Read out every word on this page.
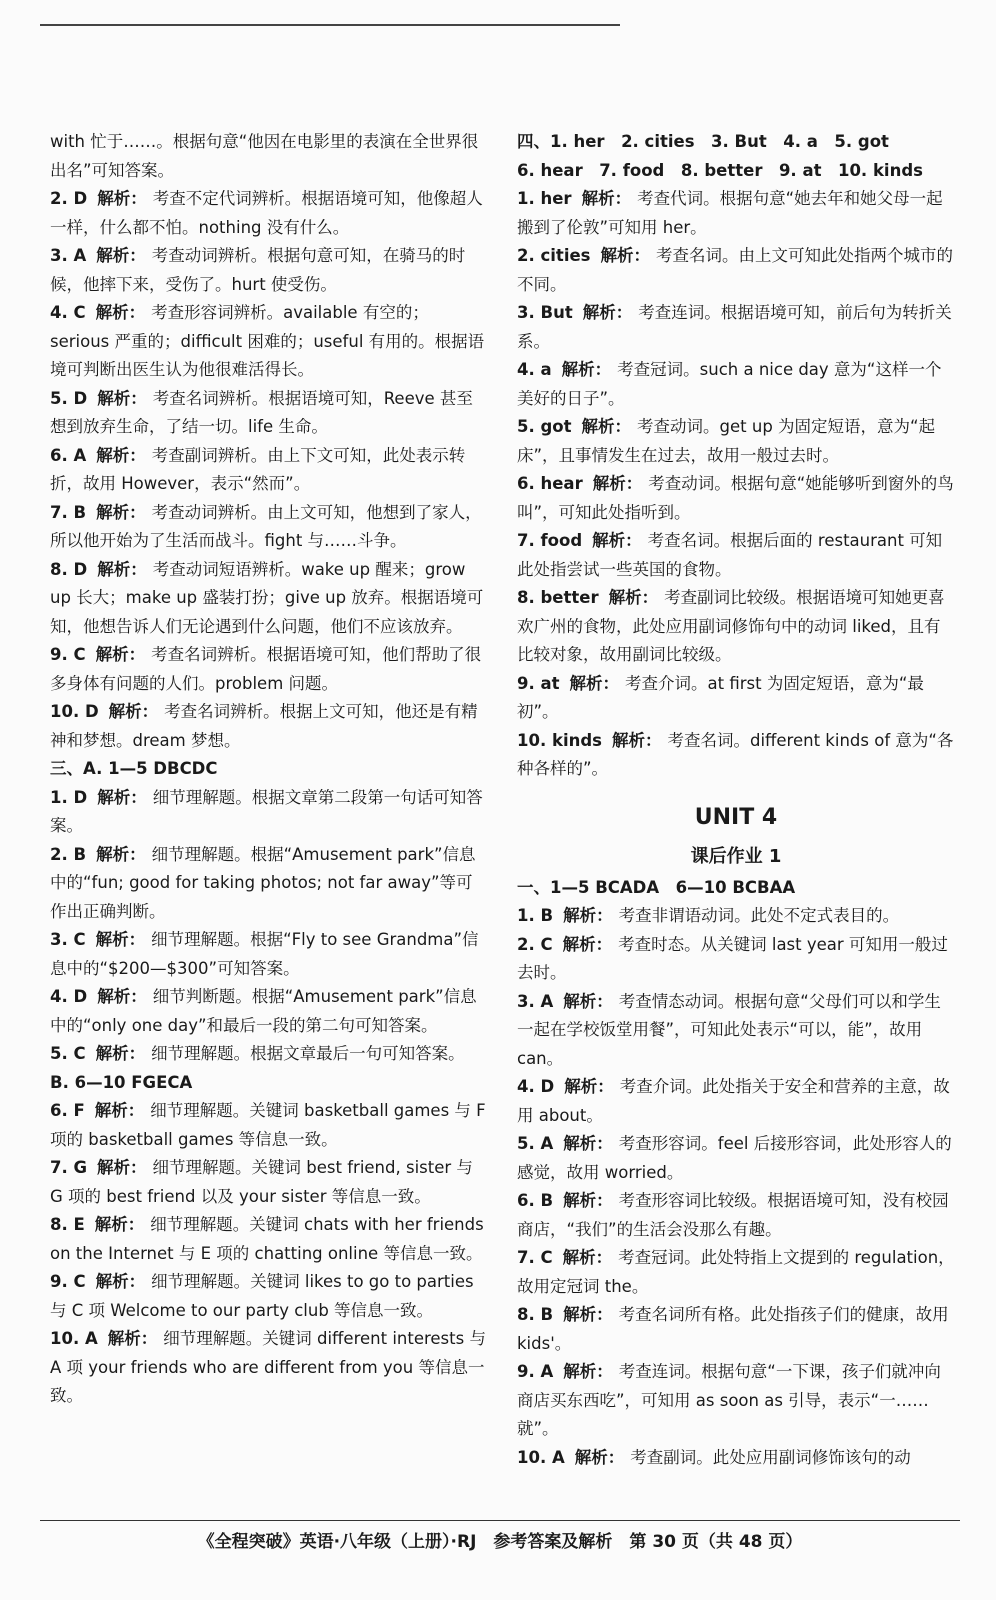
with 忙于……。根据句意“他因在电影里的表演在全世界很出名”可知答案。
2. D 解析： 考查不定代词辨析。根据语境可知，他像超人一样，什么都不怕。nothing 没有什么。
3. A 解析： 考查动词辨析。根据句意可知，在骑马的时候，他摔下来，受伤了。hurt 使受伤。
4. C 解析： 考查形容词辨析。available 有空的；serious 严重的；difficult 困难的；useful 有用的。根据语境可判断出医生认为他很难活得长。
5. D 解析： 考查名词辨析。根据语境可知，Reeve 甚至想到放弃生命，了结一切。life 生命。
6. A 解析： 考查副词辨析。由上下文可知，此处表示转折，故用 However，表示“然而”。
7. B 解析： 考查动词辨析。由上文可知，他想到了家人，所以他开始为了生活而战斗。fight 与……斗争。
8. D 解析： 考查动词短语辨析。wake up 醒来；grow up 长大；make up 盛装打扮；give up 放弃。根据语境可知，他想告诉人们无论遇到什么问题，他们不应该放弃。
9. C 解析： 考查名词辨析。根据语境可知，他们帮助了很多身体有问题的人们。problem 问题。
10. D 解析： 考查名词辨析。根据上文可知，他还是有精神和梦想。dream 梦想。
三、A. 1—5 DBCDC
1. D 解析： 细节理解题。根据文章第二段第一句话可知答案。
2. B 解析： 细节理解题。根据“Amusement park”信息中的“fun; good for taking photos; not far away”等可作出正确判断。
3. C 解析： 细节理解题。根据“Fly to see Grandma”信息中的“$200—$300”可知答案。
4. D 解析： 细节判断题。根据“Amusement park”信息中的“only one day”和最后一段的第二句可知答案。
5. C 解析： 细节理解题。根据文章最后一句可知答案。
B. 6—10 FGECA
6. F 解析： 细节理解题。关键词 basketball games 与 F 项的 basketball games 等信息一致。
7. G 解析： 细节理解题。关键词 best friend, sister 与 G 项的 best friend 以及 your sister 等信息一致。
8. E 解析： 细节理解题。关键词 chats with her friends on the Internet 与 E 项的 chatting online 等信息一致。
9. C 解析： 细节理解题。关键词 likes to go to parties 与 C 项 Welcome to our party club 等信息一致。
10. A 解析： 细节理解题。关键词 different interests 与 A 项 your friends who are different from you 等信息一致。
四、1. her　2. cities　3. But　4. a　5. got
6. hear　7. food　8. better　9. at　10. kinds
1. her 解析： 考查代词。根据句意“她去年和她父母一起搬到了伦敦”可知用 her。
2. cities 解析： 考查名词。由上文可知此处指两个城市的不同。
3. But 解析： 考查连词。根据语境可知，前后句为转折关系。
4. a 解析： 考查冠词。such a nice day 意为“这样一个美好的日子”。
5. got 解析： 考查动词。get up 为固定短语，意为“起床”，且事情发生在过去，故用一般过去时。
6. hear 解析： 考查动词。根据句意“她能够听到窗外的鸟叫”，可知此处指听到。
7. food 解析： 考查名词。根据后面的 restaurant 可知此处指尝试一些英国的食物。
8. better 解析： 考查副词比较级。根据语境可知她更喜欢广州的食物，此处应用副词修饰句中的动词 liked，且有比较对象，故用副词比较级。
9. at 解析： 考查介词。at first 为固定短语，意为“最初”。
10. kinds 解析： 考查名词。different kinds of 意为“各种各样的”。
UNIT 4
课后作业 1
一、1—5 BCADA　6—10 BCBAA
1. B 解析： 考查非谓语动词。此处不定式表目的。
2. C 解析： 考查时态。从关键词 last year 可知用一般过去时。
3. A 解析： 考查情态动词。根据句意“父母们可以和学生一起在学校饭堂用餐”，可知此处表示“可以，能”，故用 can。
4. D 解析： 考查介词。此处指关于安全和营养的主意，故用 about。
5. A 解析： 考查形容词。feel 后接形容词，此处形容人的感觉，故用 worried。
6. B 解析： 考查形容词比较级。根据语境可知，没有校园商店，“我们”的生活会没那么有趣。
7. C 解析： 考查冠词。此处特指上文提到的 regulation，故用定冠词 the。
8. B 解析： 考查名词所有格。此处指孩子们的健康，故用 kids'。
9. A 解析： 考查连词。根据句意“一下课，孩子们就冲向商店买东西吃”，可知用 as soon as 引导，表示“一……就”。
10. A 解析： 考查副词。此处应用副词修饰该句的动
《全程突破》英语·八年级（上册）·RJ　参考答案及解析　第 30 页（共 48 页）
